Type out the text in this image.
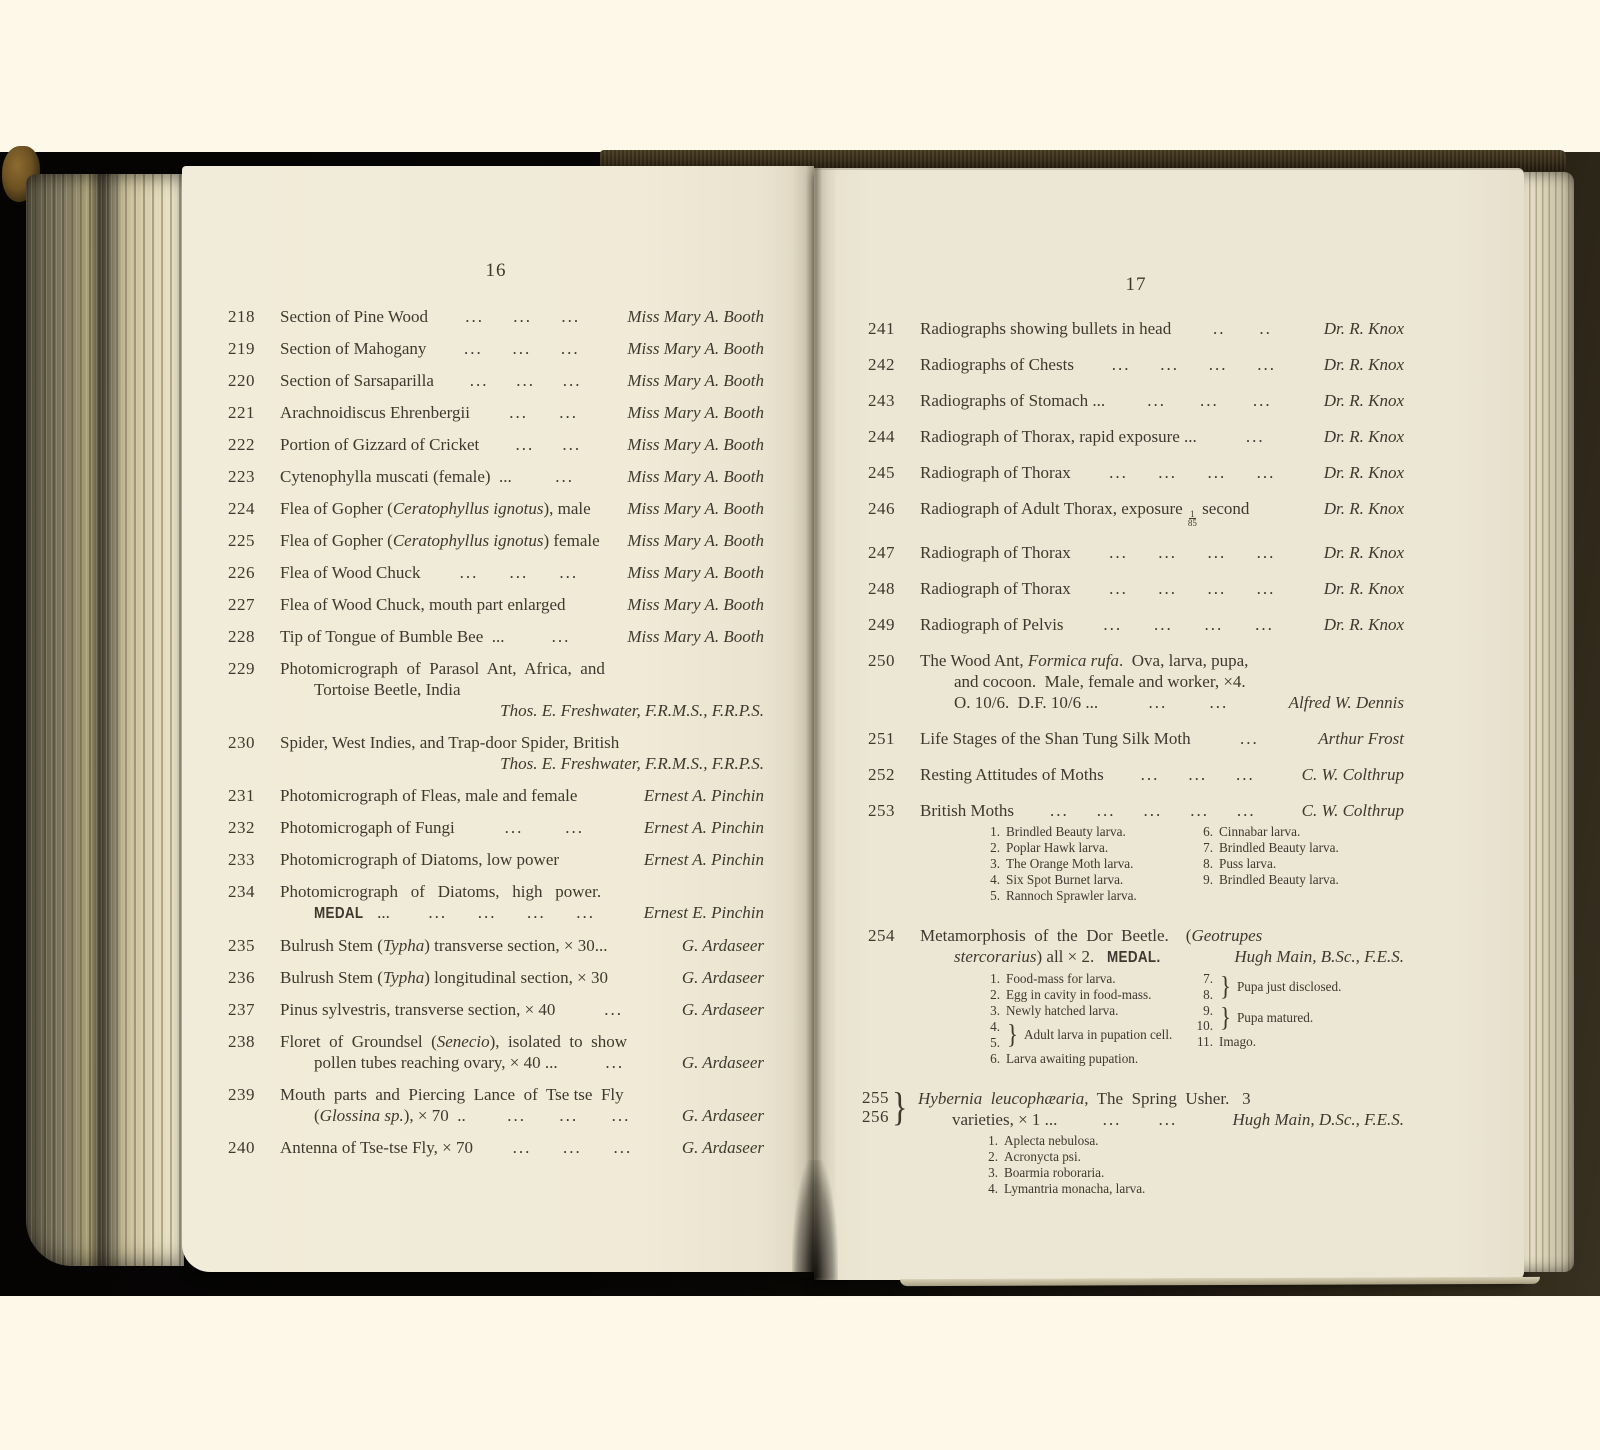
16
218	Section of Pine Wood ... ... ...	Miss Mary A. Booth
219	Section of Mahogany ... ... ...	Miss Mary A. Booth
220	Section of Sarsaparilla ... ... ...	Miss Mary A. Booth
221	Arachnoidiscus Ehrenbergii ... ...	Miss Mary A. Booth
222	Portion of Gizzard of Cricket ... ...	Miss Mary A. Booth
223	Cytenophylla muscati (female)  ...	...	Miss Mary A. Booth
224	Flea of Gopher (Ceratophyllus ignotus), male	Miss Mary A. Booth
225	Flea of Gopher (Ceratophyllus ignotus) female	Miss Mary A. Booth
226	Flea of Wood Chuck ... ... ...	Miss Mary A. Booth
227	Flea of Wood Chuck, mouth part enlarged	Miss Mary A. Booth
228	Tip of Tongue of Bumble Bee  ...	...	Miss Mary A. Booth
229	Photomicrograph  of  Parasol  Ant,  Africa,  and
Tortoise Beetle, India
Thos. E. Freshwater, F.R.M.S., F.R.P.S.
230	Spider, West Indies, and Trap-door Spider, British
Thos. E. Freshwater, F.R.M.S., F.R.P.S.
231	Photomicrograph of Fleas, male and female	Ernest A. Pinchin
232	Photomicrogaph of Fungi	... ...	Ernest A. Pinchin
233	Photomicrograph of Diatoms, low power	Ernest A. Pinchin
234	Photomicrograph   of   Diatoms,   high   power.
MEDAL ... ... ... ... ...	Ernest E. Pinchin
235	Bulrush Stem (Typha) transverse section, × 30...	G. Ardaseer
236	Bulrush Stem (Typha) longitudinal section, × 30	G. Ardaseer
237	Pinus sylvestris, transverse section, × 40	...	G. Ardaseer
238	Floret  of  Groundsel  (Senecio),  isolated  to  show
pollen tubes reaching ovary, × 40 ...	...	G. Ardaseer
239	Mouth  parts  and  Piercing  Lance  of  Tse tse  Fly
(Glossina sp.), × 70  .. ... ... ...	G. Ardaseer
240	Antenna of Tse-tse Fly, × 70 ... ... ...	G. Ardaseer
17
241	Radiographs showing bullets in head .. ..	Dr. R. Knox
242	Radiographs of Chests ... ... ... ...	Dr. R. Knox
243	Radiographs of Stomach ... ... ... ...	Dr. R. Knox
244	Radiograph of Thorax, rapid exposure ...	...	Dr. R. Knox
245	Radiograph of Thorax ... ... ... ...	Dr. R. Knox
246	Radiograph of Adult Thorax, exposure
$\frac{1}{85}$
second	Dr. R. Knox
247	Radiograph of Thorax ... ... ... ...	Dr. R. Knox
248	Radiograph of Thorax ... ... ... ...	Dr. R. Knox
249	Radiograph of Pelvis ... ... ... ...	Dr. R. Knox
250	The Wood Ant, Formica rufa.  Ova, larva, pupa,
and cocoon.  Male, female and worker, ×4.
O. 10/6.  D.F. 10/6 ...	... ...	Alfred W. Dennis
251	Life Stages of the Shan Tung Silk Moth	...	Arthur Frost
252	Resting Attitudes of Moths ... ... ...	C. W. Colthrup
253	British Moths ... ... ... ... ...	C. W. Colthrup
1. Brindled Beauty larva.
2. Poplar Hawk larva.
3. The Orange Moth larva.
4. Six Spot Burnet larva.
5. Rannoch Sprawler larva.
6. Cinnabar larva.
7. Brindled Beauty larva.
8. Puss larva.
9. Brindled Beauty larva.
254	Metamorphosis  of  the  Dor  Beetle.    (Geotrupes
stercorarius) all × 2.   MEDAL.	Hugh Main, B.Sc., F.E.S.
1. Food-mass for larva.
2. Egg in cavity in food-mass.
3. Newly hatched larva.
4.
5. } Adult larva in pupation cell.
6. Larva awaiting pupation.
7.
8. } Pupa just disclosed.
9.
10. } Pupa matured.
11. Imago.
255
256 } Hybernia  leucophæaria,  The  Spring  Usher.   3
varieties, × 1 ...	... ...	Hugh Main, D.Sc., F.E.S.
1. Aplecta nebulosa.
2. Acronycta psi.
3. Boarmia roboraria.
4. Lymantria monacha, larva.
